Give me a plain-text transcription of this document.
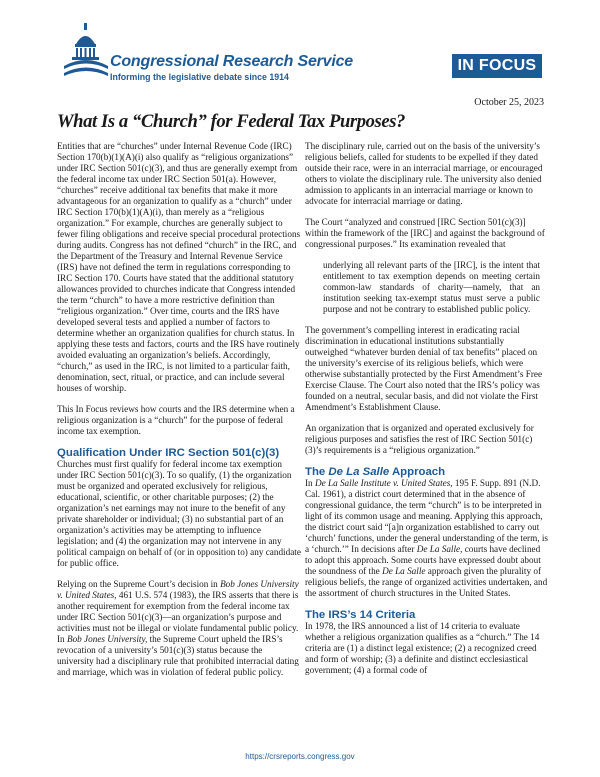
Congressional Research Service
Informing the legislative debate since 1914
IN FOCUS
October 25, 2023
What Is a “Church” for Federal Tax Purposes?

Entities that are “churches” under Internal Revenue Code (IRC) Section 170(b)(1)(A)(i) also qualify as “religious organizations” under IRC Section 501(c)(3), and thus are generally exempt from the federal income tax under IRC Section 501(a). However, “churches” receive additional tax benefits that make it more advantageous for an organization to qualify as a “church” under IRC Section 170(b)(1)(A)(i), than merely as a “religious organization.” For example, churches are generally subject to fewer filing obligations and receive special procedural protections during audits. Congress has not defined “church” in the IRC, and the Department of the Treasury and Internal Revenue Service (IRS) have not defined the term in regulations corresponding to IRC Section 170. Courts have stated that the additional statutory allowances provided to churches indicate that Congress intended the term “church” to have a more restrictive definition than “religious organization.” Over time, courts and the IRS have developed several tests and applied a number of factors to determine whether an organization qualifies for church status. In applying these tests and factors, courts and the IRS have routinely avoided evaluating an organization’s beliefs. Accordingly, “church,” as used in the IRC, is not limited to a particular faith, denomination, sect, ritual, or practice, and can include several houses of worship.

This In Focus reviews how courts and the IRS determine when a religious organization is a “church” for the purpose of federal income tax exemption.

Qualification Under IRC Section 501(c)(3)

Churches must first qualify for federal income tax exemption under IRC Section 501(c)(3). To so qualify, (1) the organization must be organized and operated exclusively for religious, educational, scientific, or other charitable purposes; (2) the organization’s net earnings may not inure to the benefit of any private shareholder or individual; (3) no substantial part of an organization’s activities may be attempting to influence legislation; and (4) the organization may not intervene in any political campaign on behalf of (or in opposition to) any candidate for public office.

Relying on the Supreme Court’s decision in Bob Jones University v. United States, 461 U.S. 574 (1983), the IRS asserts that there is another requirement for exemption from the federal income tax under IRC Section 501(c)(3)—an organization’s purpose and activities must not be illegal or violate fundamental public policy. In Bob Jones University, the Supreme Court upheld the IRS’s revocation of a university’s 501(c)(3) status because the university had a disciplinary rule that prohibited interracial dating and marriage, which was in violation of federal public policy.

The disciplinary rule, carried out on the basis of the university’s religious beliefs, called for students to be expelled if they dated outside their race, were in an interracial marriage, or encouraged others to violate the disciplinary rule. The university also denied admission to applicants in an interracial marriage or known to advocate for interracial marriage or dating.

The Court “analyzed and construed [IRC Section 501(c)(3)] within the framework of the [IRC] and against the background of congressional purposes.” Its examination revealed that

underlying all relevant parts of the [IRC], is the intent that entitlement to tax exemption depends on meeting certain common-law standards of charity—namely, that an institution seeking tax-exempt status must serve a public purpose and not be contrary to established public policy.

The government’s compelling interest in eradicating racial discrimination in educational institutions substantially outweighed “whatever burden denial of tax benefits” placed on the university’s exercise of its religious beliefs, which were otherwise substantially protected by the First Amendment’s Free Exercise Clause. The Court also noted that the IRS’s policy was founded on a neutral, secular basis, and did not violate the First Amendment’s Establishment Clause.

An organization that is organized and operated exclusively for religious purposes and satisfies the rest of IRC Section 501(c)(3)’s requirements is a “religious organization.”

The De La Salle Approach

In De La Salle Institute v. United States, 195 F. Supp. 891 (N.D. Cal. 1961), a district court determined that in the absence of congressional guidance, the term “church” is to be interpreted in light of its common usage and meaning. Applying this approach, the district court said “[a]n organization established to carry out ‘church’ functions, under the general understanding of the term, is a ‘church.’” In decisions after De La Salle, courts have declined to adopt this approach. Some courts have expressed doubt about the soundness of the De La Salle approach given the plurality of religious beliefs, the range of organized activities undertaken, and the assortment of church structures in the United States.

The IRS’s 14 Criteria

In 1978, the IRS announced a list of 14 criteria to evaluate whether a religious organization qualifies as a “church.” The 14 criteria are (1) a distinct legal existence; (2) a recognized creed and form of worship; (3) a definite and distinct ecclesiastical government; (4) a formal code of

https://crsreports.congress.gov
